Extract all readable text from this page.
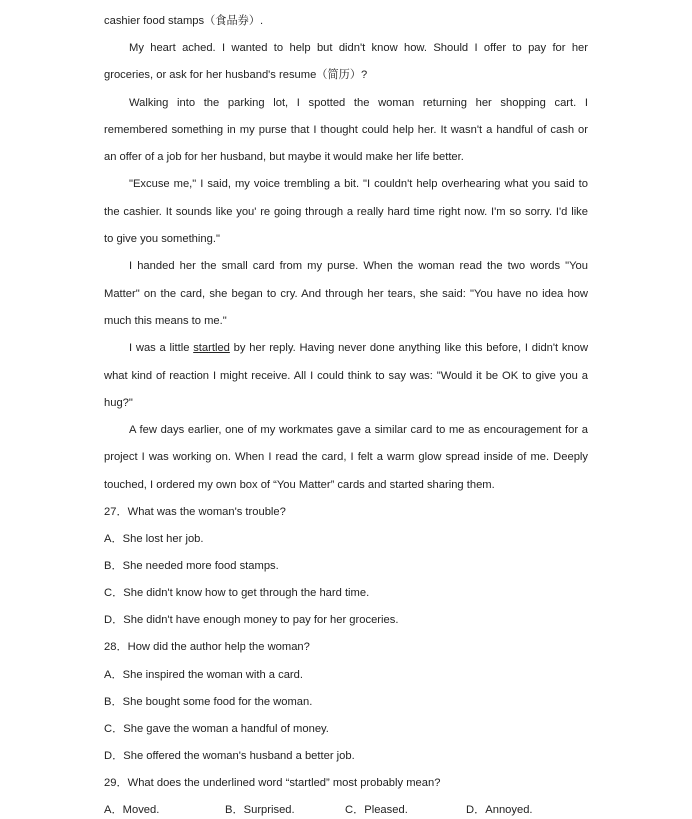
cashier food stamps（食品券）.
My heart ached. I wanted to help but didn't know how. Should I offer to pay for her
groceries, or ask for her husband's resume（简历）?
Walking into the parking lot, I spotted the woman returning her shopping cart. I
remembered something in my purse that I thought could help her. It wasn't a handful of cash or
an offer of a job for her husband, but maybe it would make her life better.
"Excuse me," I said, my voice trembling a bit. "I couldn't help overhearing what you said to
the cashier. It sounds like you' re going through a really hard time right now. I'm so sorry. I'd like
to give you something."
I handed her the small card from my purse. When the woman read the two words "You
Matter" on the card, she began to cry. And through her tears, she said: "You have no idea how
much this means to me."
I was a little startled by her reply. Having never done anything like this before, I didn't know
what kind of reaction I might receive. All I could think to say was: "Would it be OK to give you a
hug?"
A few days earlier, one of my workmates gave a similar card to me as encouragement for a
project I was working on. When I read the card, I felt a warm glow spread inside of me. Deeply
touched, I ordered my own box of “You Matter” cards and started sharing them.
27．What was the woman's trouble?
A．She lost her job.
B．She needed more food stamps.
C．She didn't know how to get through the hard time.
D．She didn't have enough money to pay for her groceries.
28．How did the author help the woman?
A．She inspired the woman with a card.
B．She bought some food for the woman.
C．She gave the woman a handful of money.
D．She offered the woman's husband a better job.
29．What does the underlined word “startled” most probably mean?
A．Moved.	B．Surprised.	C．Pleased.	D．Annoyed.
